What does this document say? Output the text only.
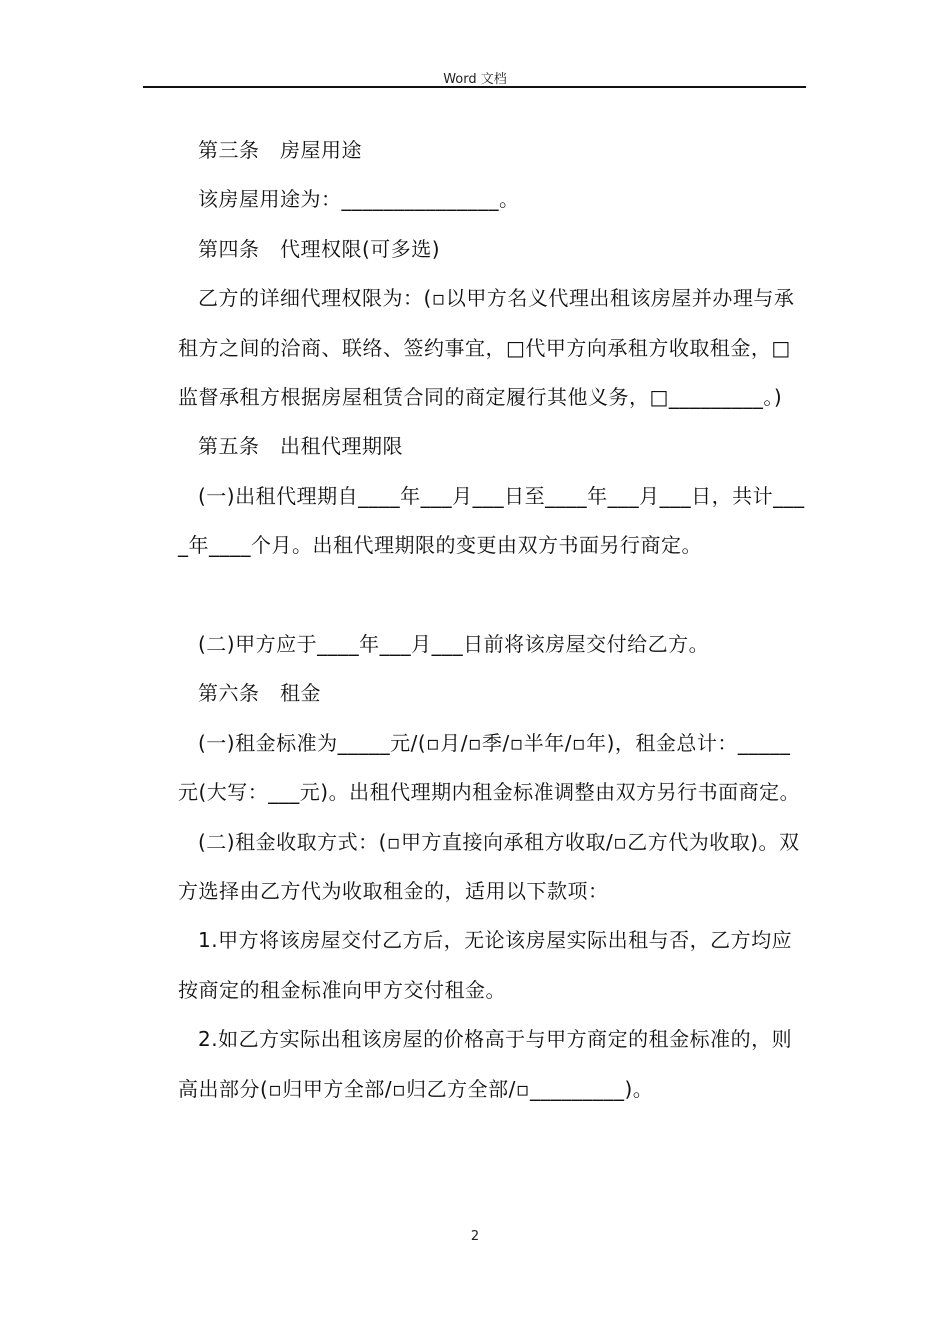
Word 文档

第三条　房屋用途

该房屋用途为：_______________。

第四条　代理权限(可多选)

乙方的详细代理权限为：(▫以甲方名义代理出租该房屋并办理与承租方之间的洽商、联络、签约事宜，□代甲方向承租方收取租金，□监督承租方根据房屋租赁合同的商定履行其他义务，□_________。)

第五条　出租代理期限

(一)出租代理期自____年___月___日至____年___月___日，共计____年____个月。出租代理期限的变更由双方书面另行商定。

(二)甲方应于____年___月___日前将该房屋交付给乙方。

第六条　租金

(一)租金标准为_____元/(▫月/▫季/▫半年/▫年)，租金总计：_____元(大写：___元)。出租代理期内租金标准调整由双方另行书面商定。

(二)租金收取方式：(▫甲方直接向承租方收取/▫乙方代为收取)。双方选择由乙方代为收取租金的，适用以下款项：

1.甲方将该房屋交付乙方后，无论该房屋实际出租与否，乙方均应按商定的租金标准向甲方交付租金。

2.如乙方实际出租该房屋的价格高于与甲方商定的租金标准的，则高出部分(▫归甲方全部/▫归乙方全部/▫_________)。

2
